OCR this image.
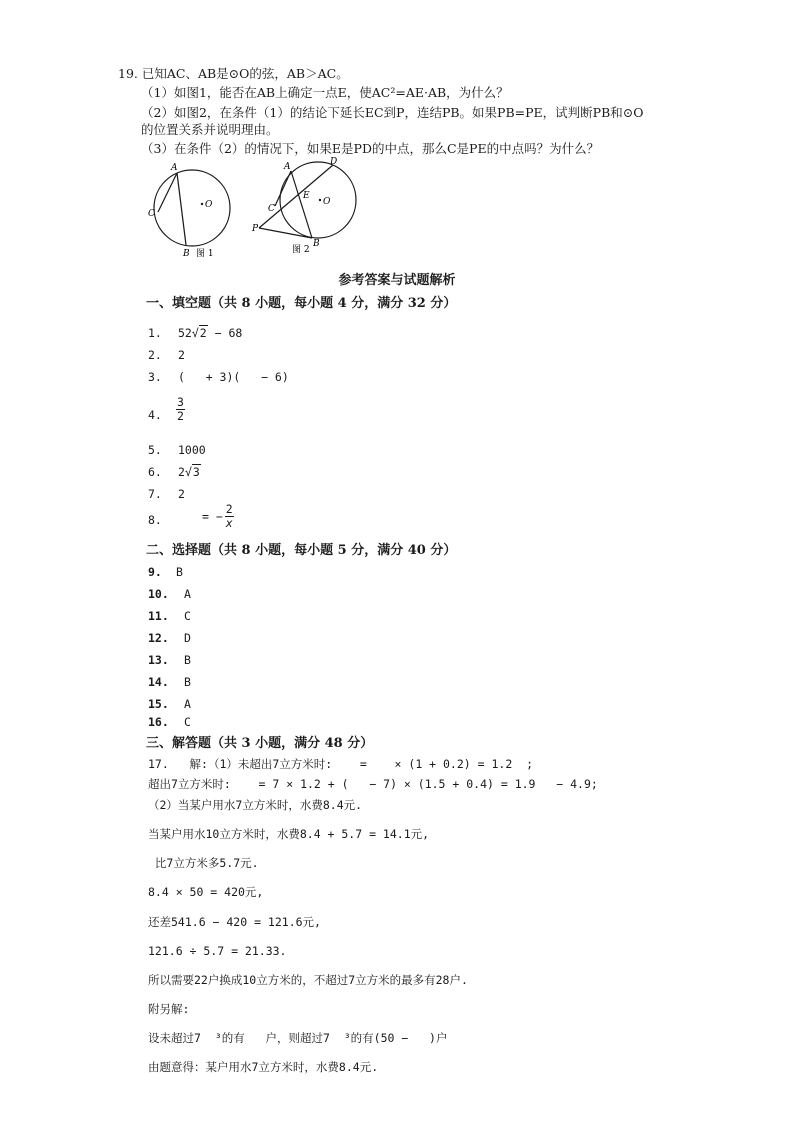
19. 已知AC、AB是⊙O的弦，AB＞AC。
（1）如图1，能否在AB上确定一点E，使AC²=AE·AB，为什么？
（2）如图2，在条件（1）的结论下延长EC到P，连结PB。如果PB=PE，试判断PB和⊙O
的位置关系并说明理由。
（3）在条件（2）的情况下，如果E是PD的中点，那么C是PE的中点吗？为什么？
A
C
B
O
图 1
A	D
C
E
O
P
B
图 2
参考答案与试题解析
一、填空题（共 8 小题，每小题 4 分，满分 32 分）
1. 52√2 − 68
2. 2
3. (   + 3)(   − 6)
4. $\frac{3}{2}$
5. 1000
6. 2√3
7. 2
8.	= − $\frac{2}{x}$
二、选择题（共 8 小题，每小题 5 分，满分 40 分）
9. B
10. A
11. C
12. D
13. B
14. B
15. A
16. C
三、解答题（共 3 小题，满分 48 分）
17.   解:（1）未超出7立方米时:    =    × (1 + 0.2) = 1.2  ;
超出7立方米时:    = 7 × 1.2 + (   − 7) × (1.5 + 0.4) = 1.9   − 4.9;
（2）当某户用水7立方米时，水费8.4元.
当某户用水10立方米时，水费8.4 + 5.7 = 14.1元,
比7立方米多5.7元.
8.4 × 50 = 420元,
还差541.6 − 420 = 121.6元,
121.6 ÷ 5.7 = 21.33.
所以需要22户换成10立方米的，不超过7立方米的最多有28户.
附另解:
设未超过7  ³的有   户，则超过7  ³的有(50 −   )户
由题意得：某户用水7立方米时，水费8.4元.
